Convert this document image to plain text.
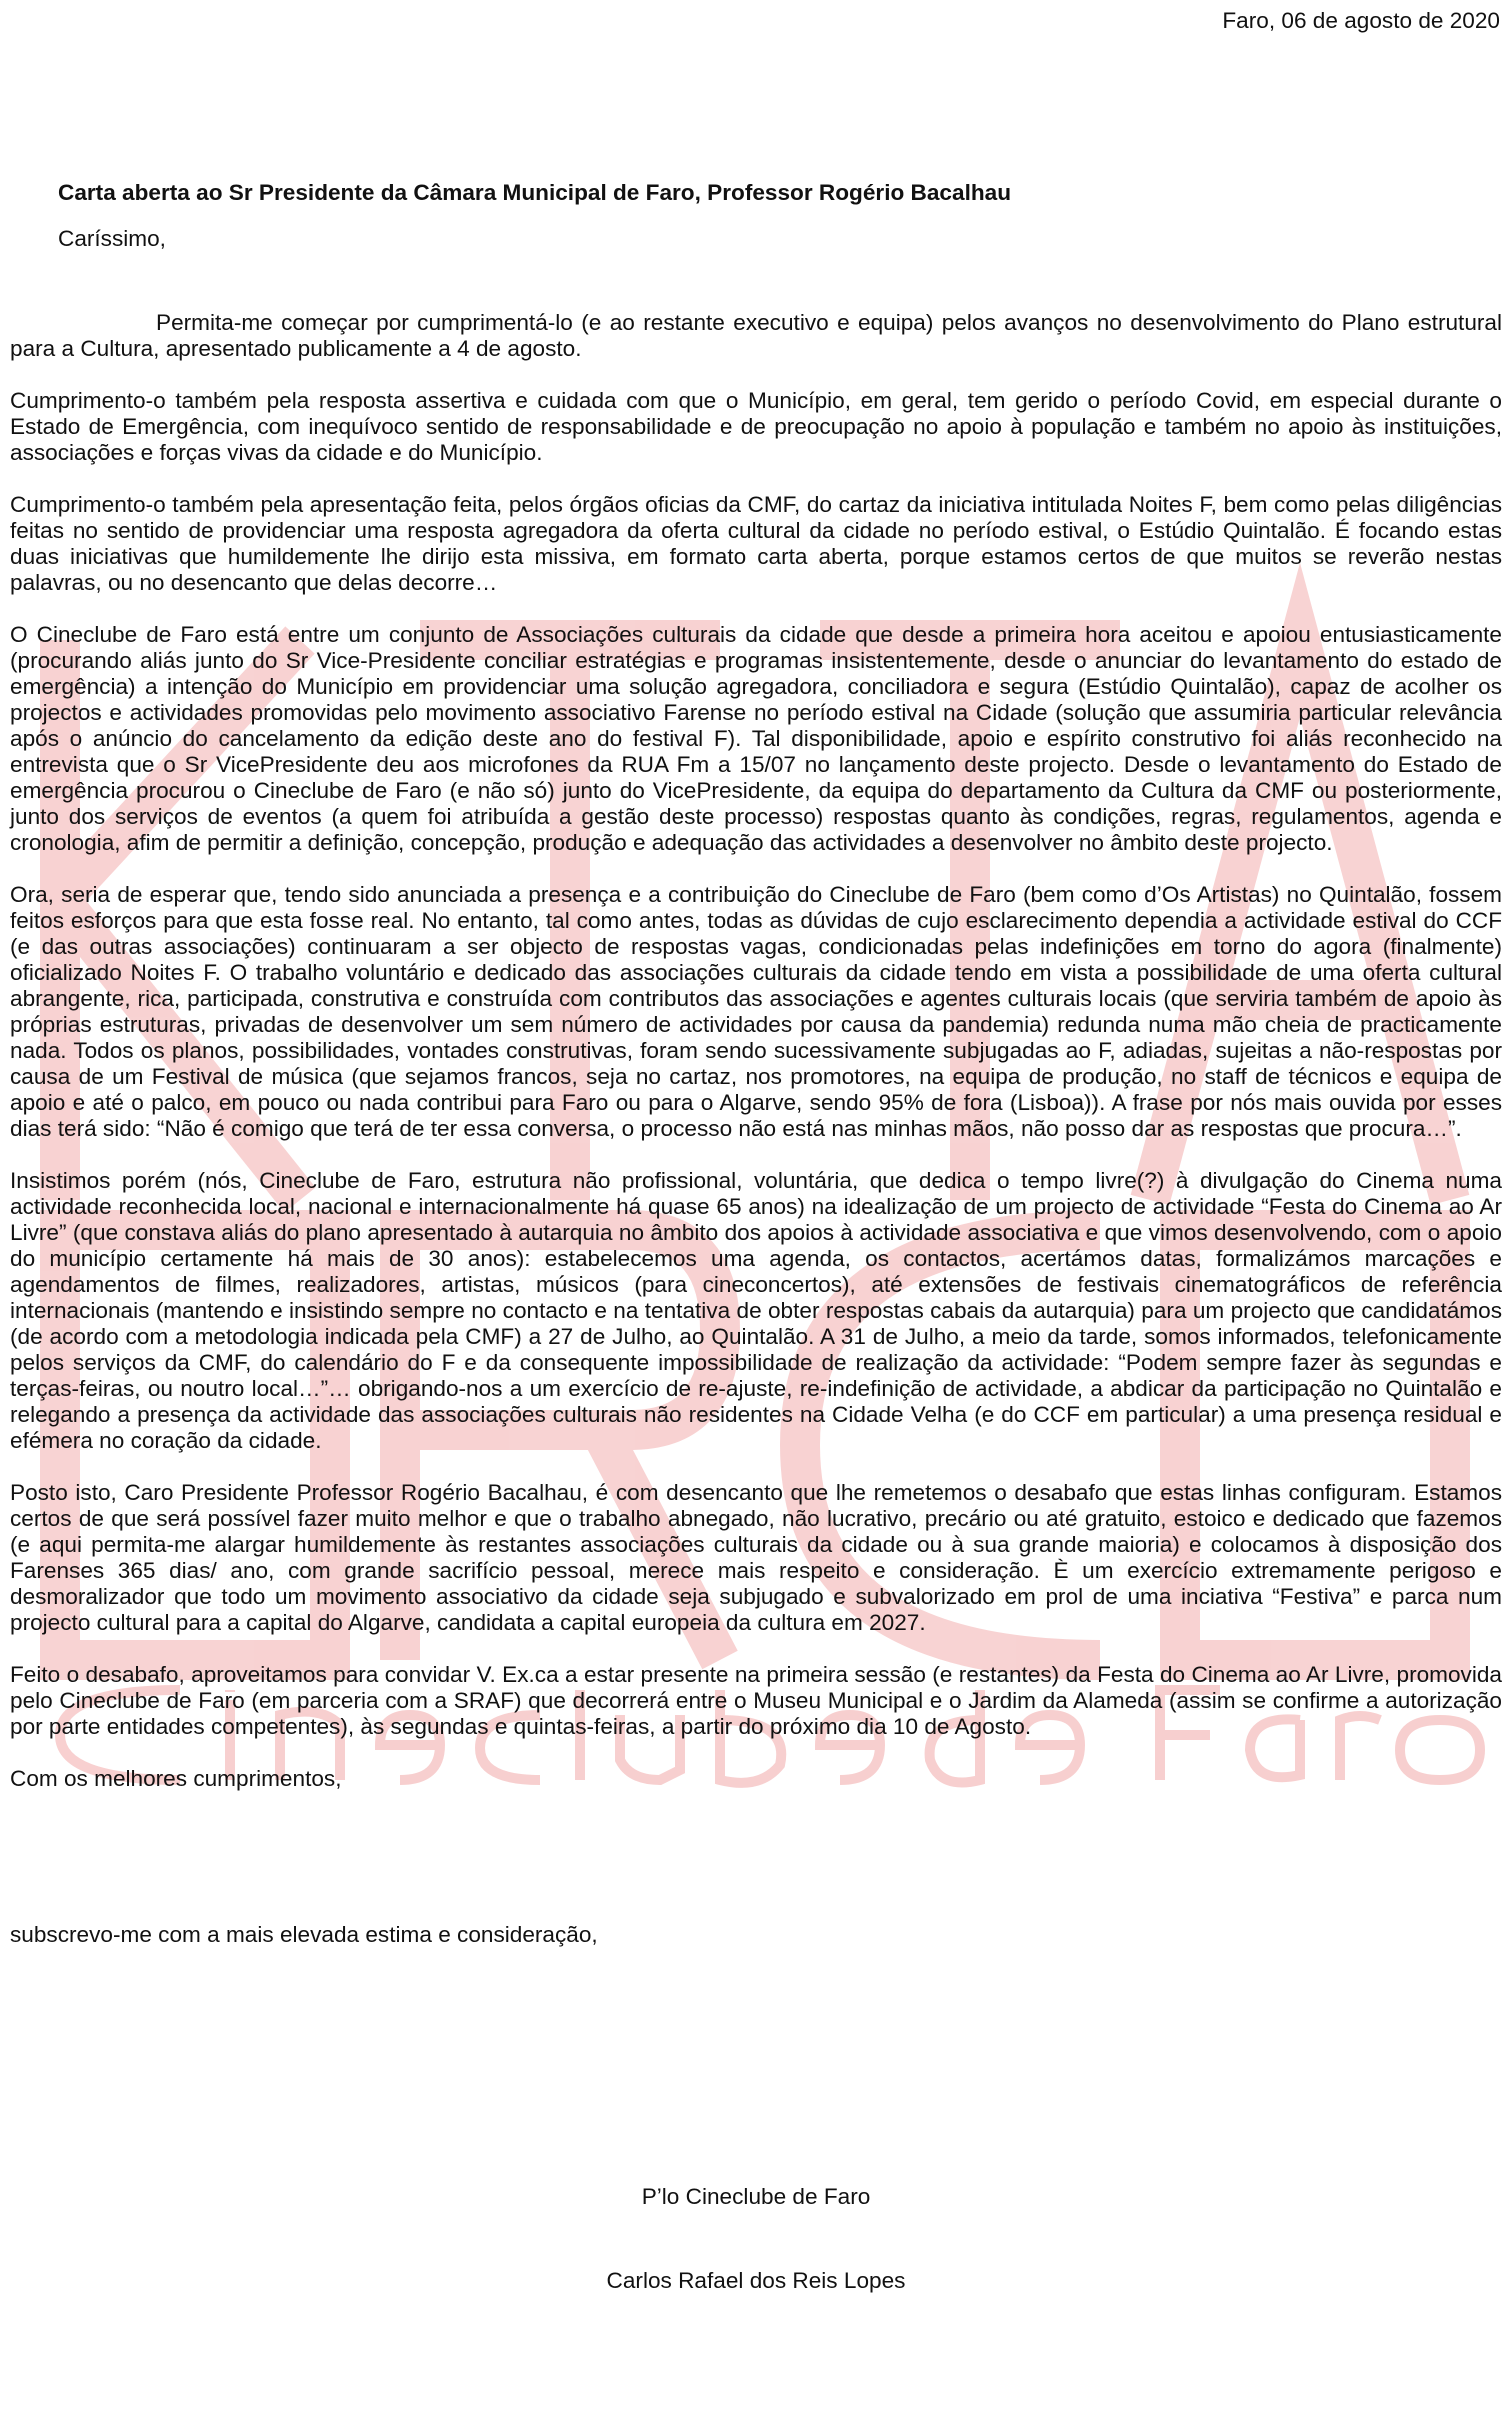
Faro, 06 de agosto de 2020
Carta aberta ao Sr Presidente da Câmara Municipal de Faro, Professor Rogério Bacalhau
Caríssimo,

Permita-me começar por cumprimentá-lo (e ao restante executivo e equipa) pelos avanços no desenvolvimento do Plano estrutural para a Cultura, apresentado publicamente a 4 de agosto.

Cumprimento-o também pela resposta assertiva e cuidada com que o Município, em geral, tem gerido o período Covid, em especial durante o Estado de Emergência, com inequívoco sentido de responsabilidade e de preocupação no apoio à população e também no apoio às instituições, associações e forças vivas da cidade e do Município.

Cumprimento-o também pela apresentação feita, pelos órgãos oficias da CMF, do cartaz da iniciativa intitulada Noites F, bem como pelas diligências feitas no sentido de providenciar uma resposta agregadora da oferta cultural da cidade no período estival, o Estúdio Quintalão. É focando estas duas iniciativas que humildemente lhe dirijo esta missiva, em formato carta aberta, porque estamos certos de que muitos se reverão nestas palavras, ou no desencanto que delas decorre…

O Cineclube de Faro está entre um conjunto de Associações culturais da cidade que desde a primeira hora aceitou e apoiou entusiasticamente (procurando aliás junto do Sr Vice-Presidente conciliar estratégias e programas insistentemente, desde o anunciar do levantamento do estado de emergência) a intenção do Município em providenciar uma solução agregadora, conciliadora e segura (Estúdio Quintalão), capaz de acolher os projectos e actividades promovidas pelo movimento associativo Farense no período estival na Cidade (solução que assumiria particular relevância após o anúncio do cancelamento da edição deste ano do festival F). Tal disponibilidade, apoio e espírito construtivo foi aliás reconhecido na entrevista que o Sr VicePresidente deu aos microfones da RUA Fm a 15/07 no lançamento deste projecto. Desde o levantamento do Estado de emergência procurou o Cineclube de Faro (e não só) junto do VicePresidente, da equipa do departamento da Cultura da CMF ou posteriormente, junto dos serviços de eventos (a quem foi atribuída a gestão deste processo) respostas quanto às condições, regras, regulamentos, agenda e cronologia, afim de permitir a definição, concepção, produção e adequação das actividades a desenvolver no âmbito deste projecto.

Ora, seria de esperar que, tendo sido anunciada a presença e a contribuição do Cineclube de Faro (bem como d’Os Artistas) no Quintalão, fossem feitos esforços para que esta fosse real. No entanto, tal como antes, todas as dúvidas de cujo esclarecimento dependia a actividade estival do CCF (e das outras associações) continuaram a ser objecto de respostas vagas, condicionadas pelas indefinições em torno do agora (finalmente) oficializado Noites F. O trabalho voluntário e dedicado das associações culturais da cidade tendo em vista a possibilidade de uma oferta cultural abrangente, rica, participada, construtiva e construída com contributos das associações e agentes culturais locais (que serviria também de apoio às próprias estruturas, privadas de desenvolver um sem número de actividades por causa da pandemia) redunda numa mão cheia de practicamente nada. Todos os planos, possibilidades, vontades construtivas, foram sendo sucessivamente subjugadas ao F, adiadas, sujeitas a não-respostas por causa de um Festival de música (que sejamos francos, seja no cartaz, nos promotores, na equipa de produção, no staff de técnicos e equipa de apoio e até o palco, em pouco ou nada contribui para Faro ou para o Algarve, sendo 95% de fora (Lisboa)). A frase por nós mais ouvida por esses dias terá sido: “Não é comigo que terá de ter essa conversa, o processo não está nas minhas mãos, não posso dar as respostas que procura…”.

Insistimos porém (nós, Cineclube de Faro, estrutura não profissional, voluntária, que dedica o tempo livre(?) à divulgação do Cinema numa actividade reconhecida local, nacional e internacionalmente há quase 65 anos) na idealização de um projecto de actividade “Festa do Cinema ao Ar Livre” (que constava aliás do plano apresentado à autarquia no âmbito dos apoios à actividade associativa e que vimos desenvolvendo, com o apoio do município certamente há mais de 30 anos): estabelecemos uma agenda, os contactos, acertámos datas, formalizámos marcações e agendamentos de filmes, realizadores, artistas, músicos (para cineconcertos), até extensões de festivais cinematográficos de referência internacionais (mantendo e insistindo sempre no contacto e na tentativa de obter respostas cabais da autarquia) para um projecto que candidatámos (de acordo com a metodologia indicada pela CMF) a 27 de Julho, ao Quintalão. A 31 de Julho, a meio da tarde, somos informados, telefonicamente pelos serviços da CMF, do calendário do F e da consequente impossibilidade de realização da actividade: “Podem sempre fazer às segundas e terças-feiras, ou noutro local…”… obrigando-nos a um exercício de re-ajuste, re-indefinição de actividade, a abdicar da participação no Quintalão e relegando a presença da actividade das associações culturais não residentes na Cidade Velha (e do CCF em particular) a uma presença residual e efémera no coração da cidade.

Posto isto, Caro Presidente Professor Rogério Bacalhau, é com desencanto que lhe remetemos o desabafo que estas linhas configuram. Estamos certos de que será possível fazer muito melhor e que o trabalho abnegado, não lucrativo, precário ou até gratuito, estoico e dedicado que fazemos (e aqui permita-me alargar humildemente às restantes associações culturais da cidade ou à sua grande maioria) e colocamos à disposição dos Farenses 365 dias/ ano, com grande sacrifício pessoal, merece mais respeito e consideração. È um exercício extremamente perigoso e desmoralizador que todo um movimento associativo da cidade seja subjugado e subvalorizado em prol de uma inciativa “Festiva” e parca num projecto cultural para a capital do Algarve, candidata a capital europeia da cultura em 2027.

Feito o desabafo, aproveitamos para convidar V. Ex.ca a estar presente na primeira sessão (e restantes) da Festa do Cinema ao Ar Livre, promovida pelo Cineclube de Faro (em parceria com a SRAF) que decorrerá entre o Museu Municipal e o Jardim da Alameda (assim se confirme a autorização por parte entidades competentes), às segundas e quintas-feiras, a partir do próximo dia 10 de Agosto.

Com os melhores cumprimentos,

subscrevo-me com a mais elevada estima e consideração,

P’lo Cineclube de Faro
Carlos Rafael dos Reis Lopes
